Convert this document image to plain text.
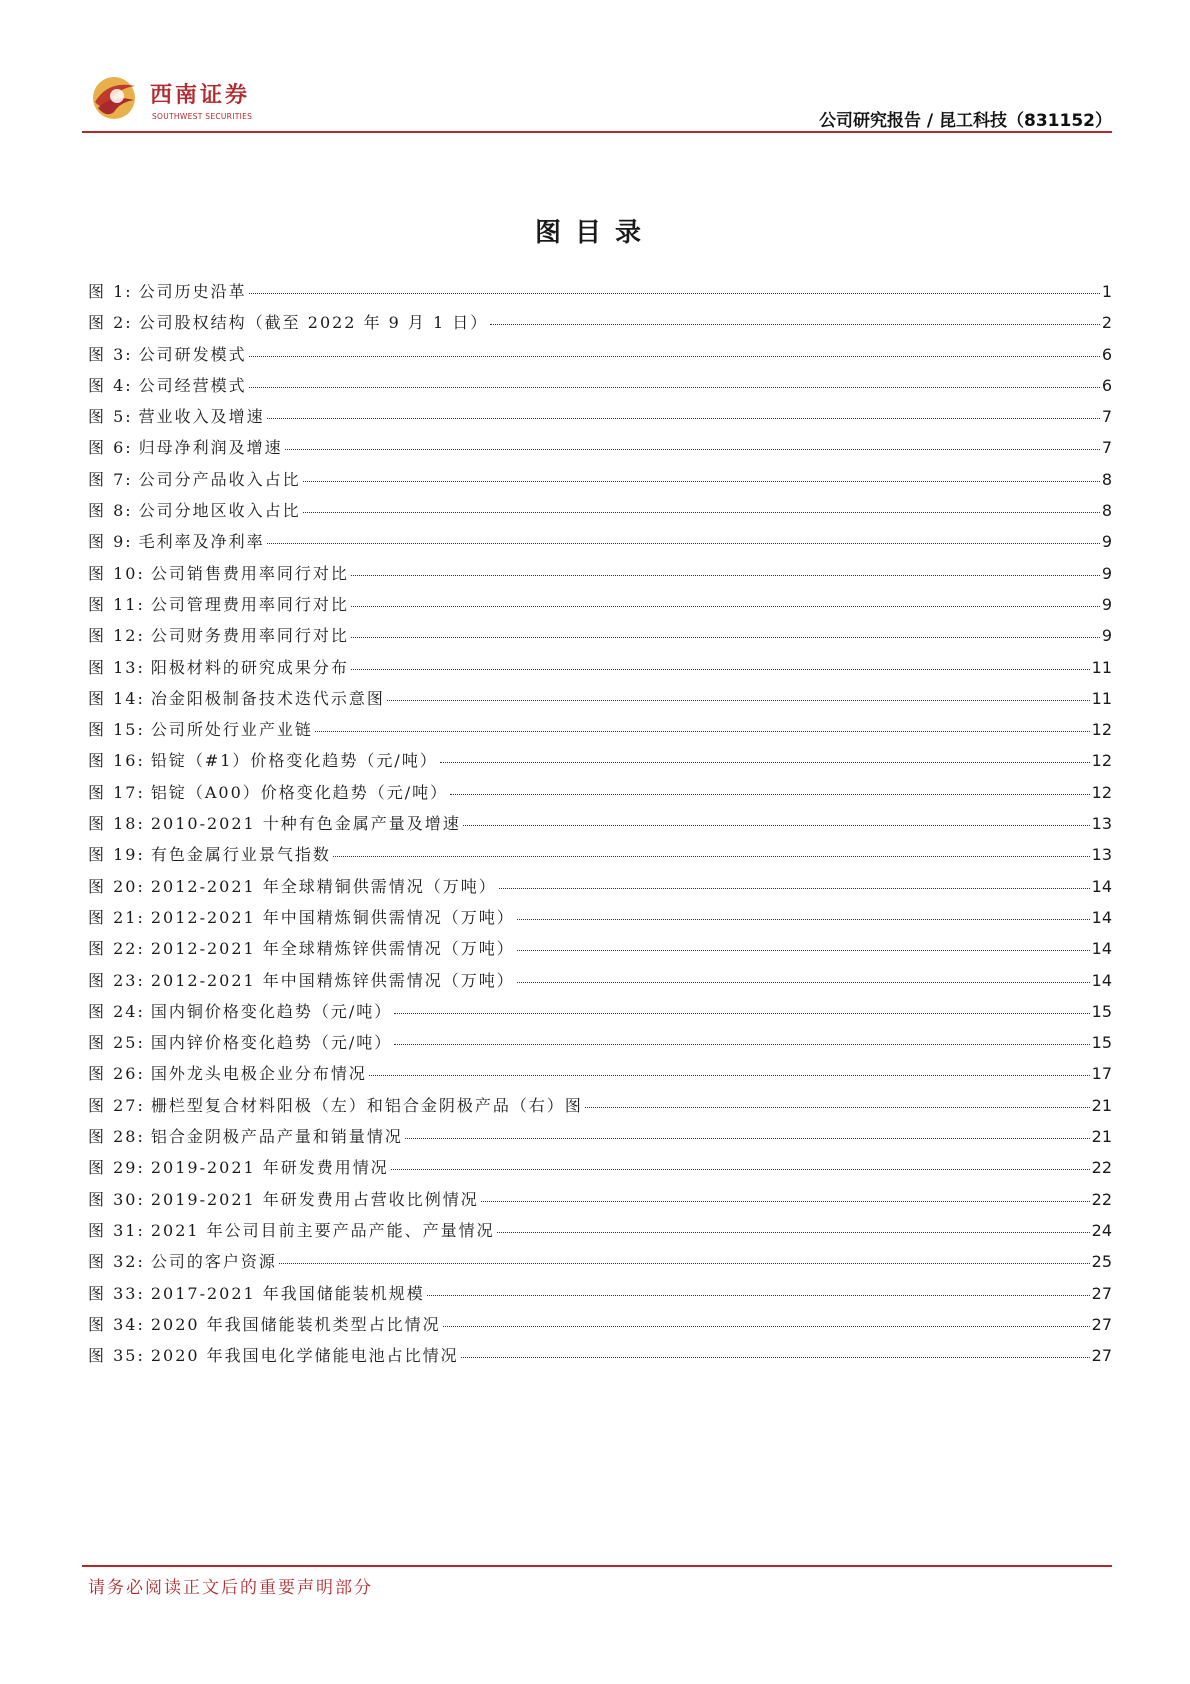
西南证券
SOUTHWEST SECURITIES	公司研究报告 / 昆工科技（831152）
图目录
图 1: 公司历史沿革	1
图 2: 公司股权结构（截至 2022 年 9 月 1 日）	2
图 3: 公司研发模式	6
图 4: 公司经营模式	6
图 5: 营业收入及增速	7
图 6: 归母净利润及增速	7
图 7: 公司分产品收入占比	8
图 8: 公司分地区收入占比	8
图 9: 毛利率及净利率	9
图 10: 公司销售费用率同行对比	9
图 11: 公司管理费用率同行对比	9
图 12: 公司财务费用率同行对比	9
图 13: 阳极材料的研究成果分布	11
图 14: 冶金阳极制备技术迭代示意图	11
图 15: 公司所处行业产业链	12
图 16: 铅锭（#1）价格变化趋势（元/吨）	12
图 17: 铝锭（A00）价格变化趋势（元/吨）	12
图 18: 2010-2021 十种有色金属产量及增速	13
图 19: 有色金属行业景气指数	13
图 20: 2012-2021 年全球精铜供需情况（万吨）	14
图 21: 2012-2021 年中国精炼铜供需情况（万吨）	14
图 22: 2012-2021 年全球精炼锌供需情况（万吨）	14
图 23: 2012-2021 年中国精炼锌供需情况（万吨）	14
图 24: 国内铜价格变化趋势（元/吨）	15
图 25: 国内锌价格变化趋势（元/吨）	15
图 26: 国外龙头电极企业分布情况	17
图 27: 栅栏型复合材料阳极（左）和铝合金阴极产品（右）图	21
图 28: 铝合金阴极产品产量和销量情况	21
图 29: 2019-2021 年研发费用情况	22
图 30: 2019-2021 年研发费用占营收比例情况	22
图 31: 2021 年公司目前主要产品产能、产量情况	24
图 32: 公司的客户资源	25
图 33: 2017-2021 年我国储能装机规模	27
图 34: 2020 年我国储能装机类型占比情况	27
图 35: 2020 年我国电化学储能电池占比情况	27
请务必阅读正文后的重要声明部分
